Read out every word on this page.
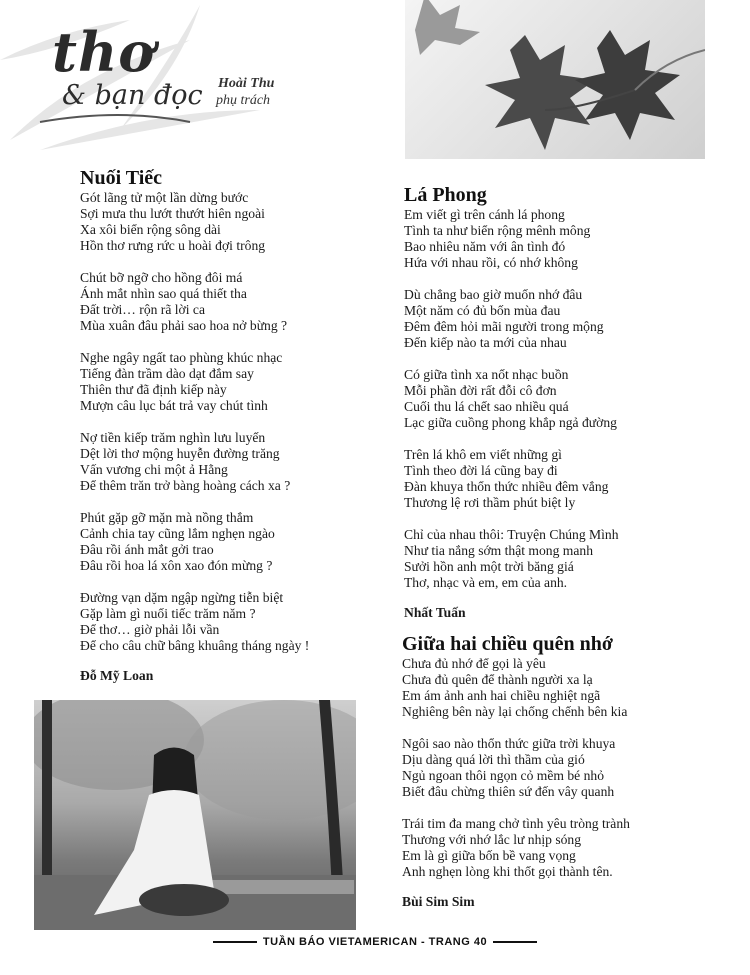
thơ
& bạn đọc Hoài Thu
phụ trách
Nuối Tiếc
Gót lãng tử một lần dừng bước
Sợi mưa thu lướt thướt hiên ngoài
Xa xôi biển rộng sông dài
Hồn thơ rưng rức u hoài đợi trông
Chút bỡ ngỡ cho hồng đôi má
Ánh mắt nhìn sao quá thiết tha
Đất trời… rộn rã lời ca
Mùa xuân đâu phải sao hoa nở bừng ?
Nghe ngây ngất tao phùng khúc nhạc
Tiếng đàn trầm dào dạt đắm say
Thiên thư đã định kiếp này
Mượn câu lục bát trả vay chút tình
Nợ tiền kiếp trăm nghìn lưu luyến
Dệt lời thơ mộng huyễn đường trăng
Vấn vương chi một ả Hằng
Để thêm trăn trở bàng hoàng cách xa ?
Phút gặp gỡ mặn mà nồng thắm
Cảnh chia tay cũng lắm nghẹn ngào
Đâu rồi ánh mắt gởi trao
Đâu rồi hoa lá xôn xao đón mừng ?
Đường vạn dặm ngập ngừng tiễn biệt
Gặp làm gì nuối tiếc trăm năm ?
Để thơ… giờ phải lỗi vần
Để cho câu chữ bâng khuâng tháng ngày !
Đỗ Mỹ Loan
Lá Phong
Em viết gì trên cánh lá phong
Tình ta như biển rộng mênh mông
Bao nhiêu năm với ân tình đó
Hứa với nhau rồi, có nhớ không
Dù chẳng bao giờ muốn nhớ đâu
Một năm có đủ bốn mùa đau
Đêm đêm hỏi mãi người trong mộng
Đến kiếp nào ta mới của nhau
Có giữa tình xa nốt nhạc buồn
Mỗi phần đời rất đỗi cô đơn
Cuối thu lá chết sao nhiều quá
Lạc giữa cuồng phong khắp ngả đường
Trên lá khô em viết những gì
Tình theo đời lá cũng bay đi
Đàn khuya thổn thức nhiều đêm vắng
Thương lệ rơi thầm phút biệt ly
Chỉ của nhau thôi: Truyện Chúng Mình
Như tia nắng sớm thật mong manh
Sưởi hồn anh một trời băng giá
Thơ, nhạc và em, em của anh.
Nhất Tuấn
Giữa hai chiều quên nhớ
Chưa đủ nhớ để gọi là yêu
Chưa đủ quên để thành người xa lạ
Em ám ảnh anh hai chiều nghiệt ngã
Nghiêng bên này lại chống chếnh bên kia
Ngôi sao nào thổn thức giữa trời khuya
Dịu dàng quá lời thì thầm của gió
Ngủ ngoan thôi ngọn cỏ mềm bé nhỏ
Biết đâu chừng thiên sứ đến vây quanh
Trái tim đa mang chở tình yêu tròng trành
Thương với nhớ lắc lư nhịp sóng
Em là gì giữa bốn bề vang vọng
Anh nghẹn lòng khi thốt gọi thành tên.
Bùi Sim Sim
TUẦN BÁO VIETAMERICAN - TRANG 40
